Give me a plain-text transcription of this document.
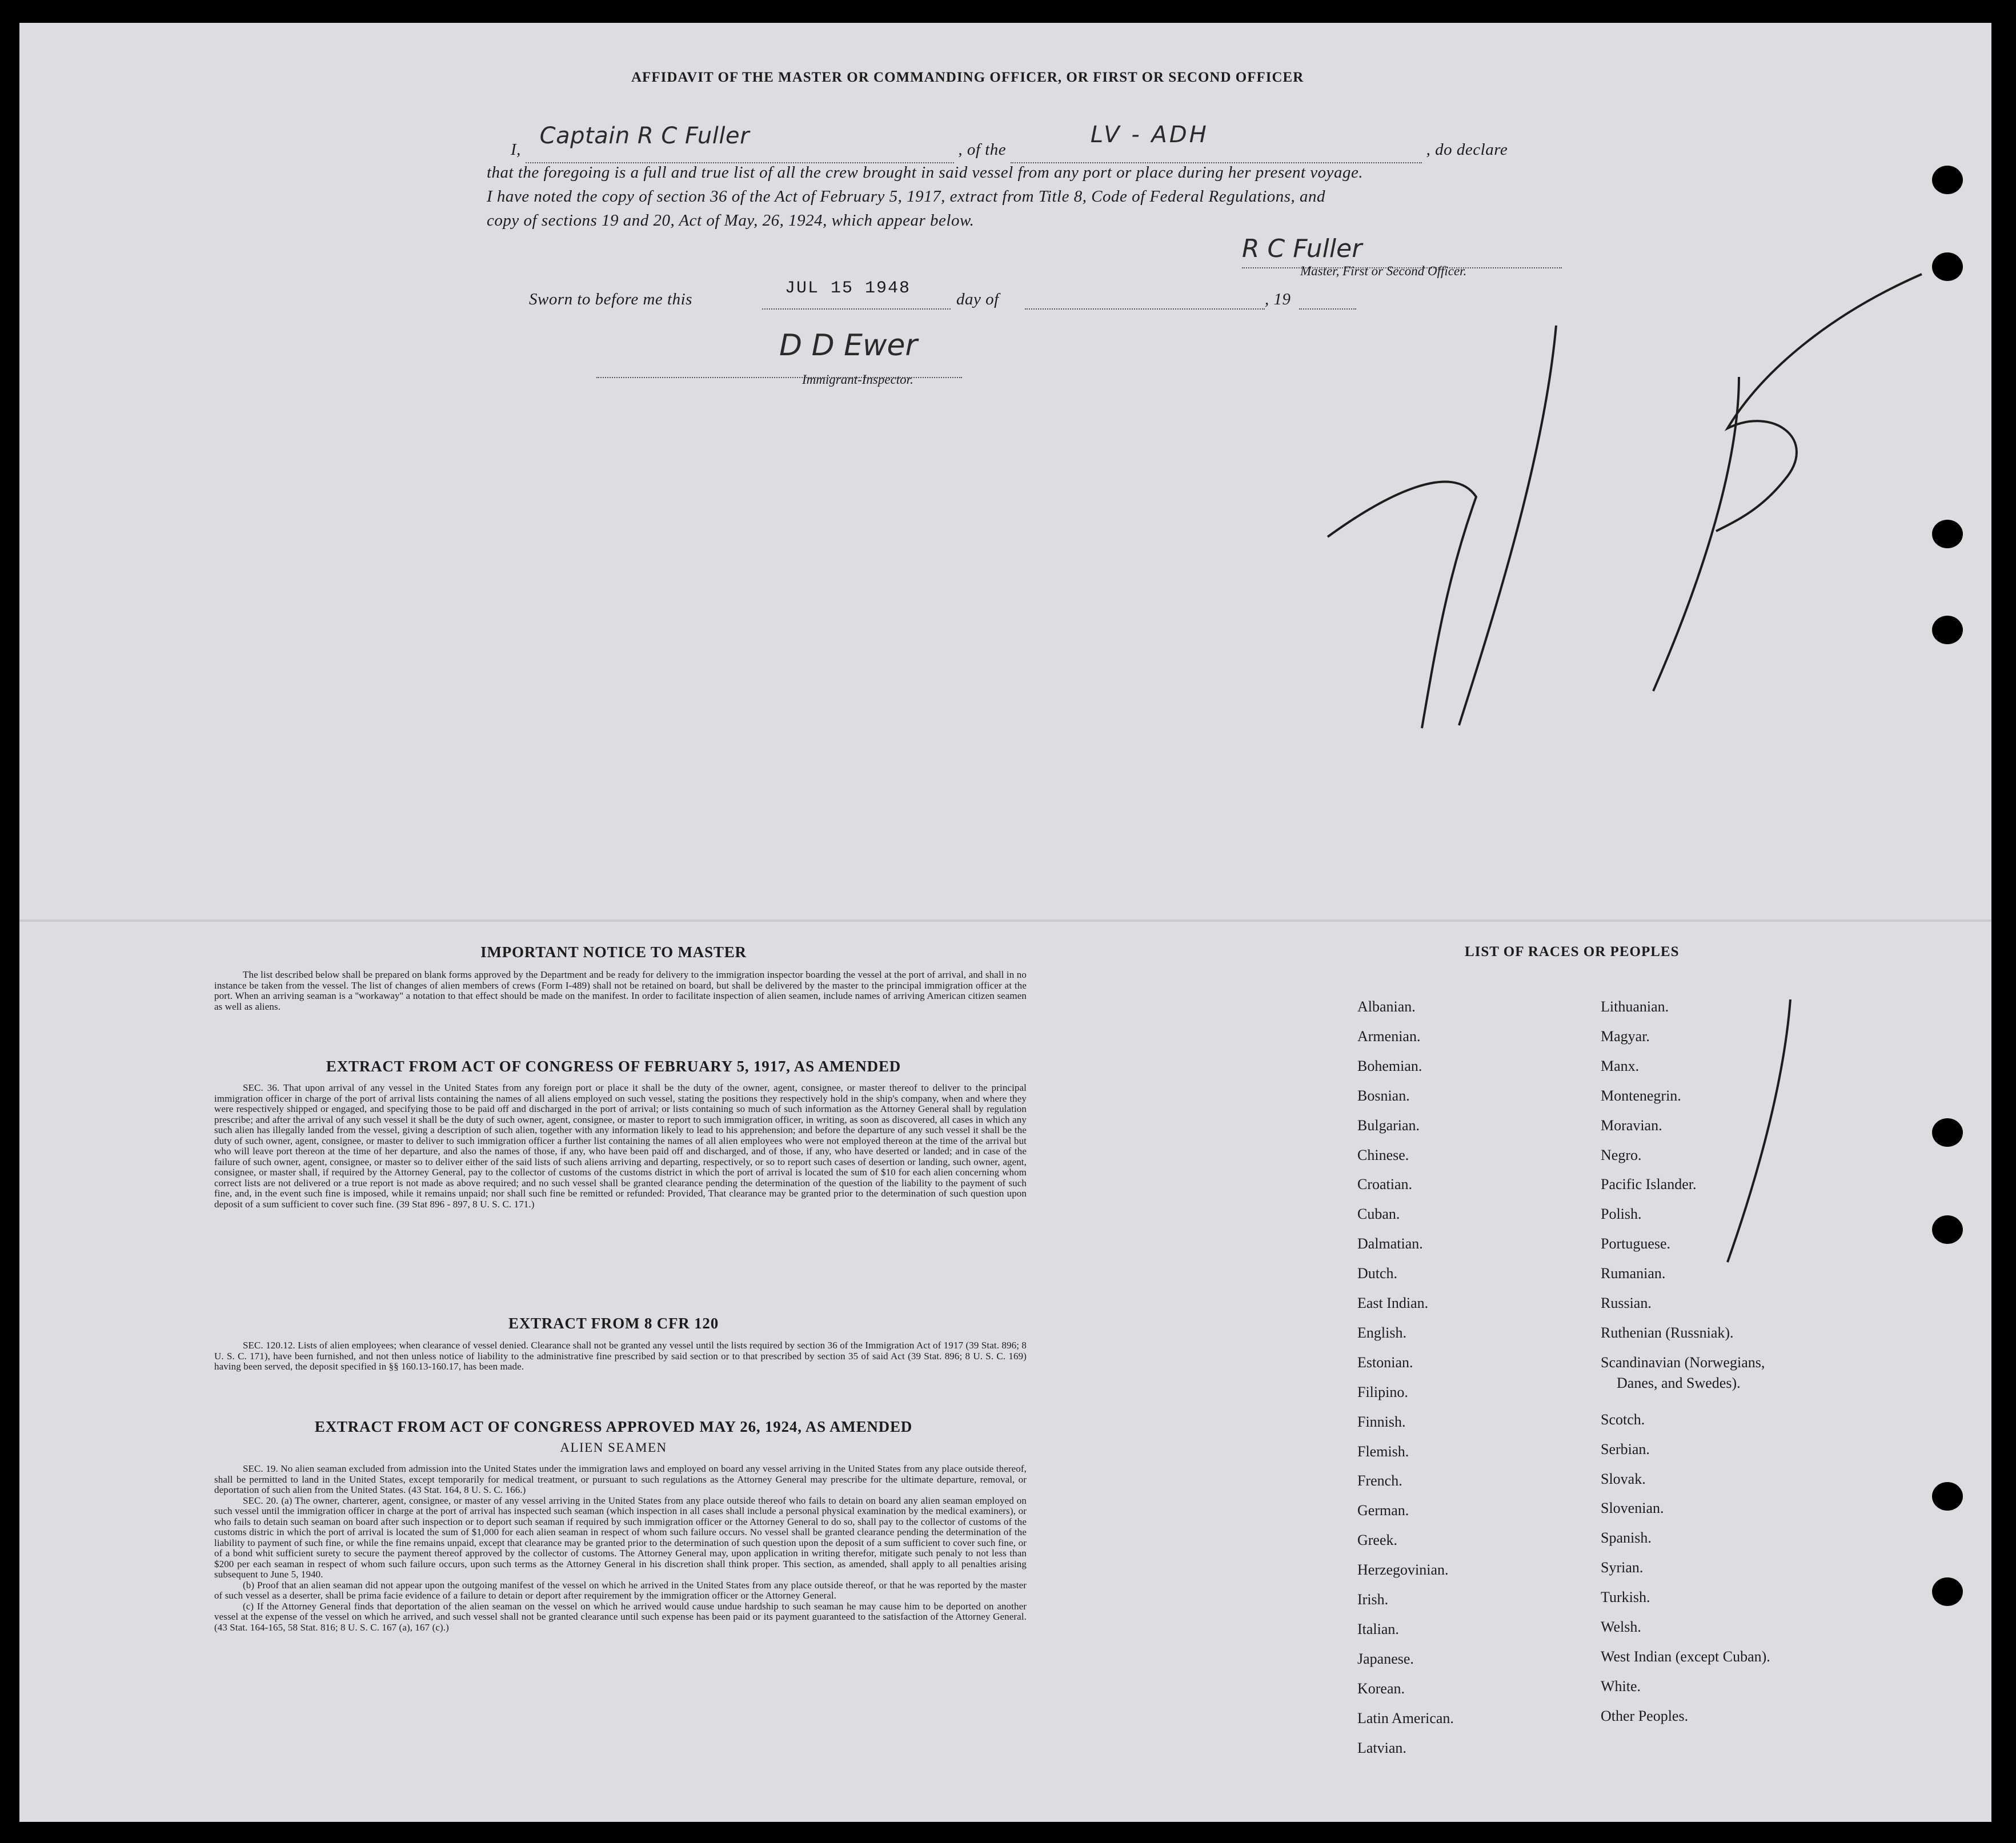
AFFIDAVIT OF THE MASTER OR COMMANDING OFFICER, OR FIRST OR SECOND OFFICER
I,
Captain R C Fuller
, of the
LV - ADH
, do declare
that the foregoing is a full and true list of all the crew brought in said vessel from any port or place during her present voyage.
I have noted the copy of section 36 of the Act of February 5, 1917, extract from Title 8, Code of Federal Regulations, and
copy of sections 19 and 20, Act of May, 26, 1924, which appear below.
R C Fuller
Master, First or Second Officer.
Sworn to before me this
JUL 15 1948
day of	, 19
D D Ewer
Immigrant-Inspector.
IMPORTANT NOTICE TO MASTER

The list described below shall be prepared on blank forms approved by the Department and be ready for delivery to the immigration inspector boarding the vessel at the port of arrival, and shall in no instance be taken from the vessel. The list of changes of alien members of crews (Form I-489) shall not be retained on board, but shall be delivered by the master to the principal immigration officer at the port. When an arriving seaman is a ''workaway'' a notation to that effect should be made on the manifest. In order to facilitate inspection of alien seamen, include names of arriving American citizen seamen as well as aliens.

EXTRACT FROM ACT OF CONGRESS OF FEBRUARY 5, 1917, AS AMENDED

SEC. 36. That upon arrival of any vessel in the United States from any foreign port or place it shall be the duty of the owner, agent, consignee, or master thereof to deliver to the principal immigration officer in charge of the port of arrival lists containing the names of all aliens employed on such vessel, stating the positions they respectively hold in the ship's company, when and where they were respectively shipped or engaged, and specifying those to be paid off and discharged in the port of arrival; or lists containing so much of such information as the Attorney General shall by regulation prescribe; and after the arrival of any such vessel it shall be the duty of such owner, agent, consignee, or master to report to such immigration officer, in writing, as soon as discovered, all cases in which any such alien has illegally landed from the vessel, giving a description of such alien, together with any information likely to lead to his apprehension; and before the departure of any such vessel it shall be the duty of such owner, agent, consignee, or master to deliver to such immigration officer a further list containing the names of all alien employees who were not employed thereon at the time of the arrival but who will leave port thereon at the time of her departure, and also the names of those, if any, who have been paid off and discharged, and of those, if any, who have deserted or landed; and in case of the failure of such owner, agent, consignee, or master so to deliver either of the said lists of such aliens arriving and departing, respectively, or so to report such cases of desertion or landing, such owner, agent, consignee, or master shall, if required by the Attorney General, pay to the collector of customs of the customs district in which the port of arrival is located the sum of $10 for each alien concerning whom correct lists are not delivered or a true report is not made as above required; and no such vessel shall be granted clearance pending the determination of the question of the liability to the payment of such fine, and, in the event such fine is imposed, while it remains unpaid; nor shall such fine be remitted or refunded: Provided, That clearance may be granted prior to the determination of such question upon deposit of a sum sufficient to cover such fine. (39 Stat 896 - 897, 8 U. S. C. 171.)

EXTRACT FROM 8 CFR 120

SEC. 120.12. Lists of alien employees; when clearance of vessel denied. Clearance shall not be granted any vessel until the lists required by section 36 of the Immigration Act of 1917 (39 Stat. 896; 8 U. S. C. 171), have been furnished, and not then unless notice of liability to the administrative fine prescribed by said section or to that prescribed by section 35 of said Act (39 Stat. 896; 8 U. S. C. 169) having been served, the deposit specified in §§ 160.13-160.17, has been made.

EXTRACT FROM ACT OF CONGRESS APPROVED MAY 26, 1924, AS AMENDED
ALIEN SEAMEN

SEC. 19. No alien seaman excluded from admission into the United States under the immigration laws and employed on board any vessel arriving in the United States from any place outside thereof, shall be permitted to land in the United States, except temporarily for medical treatment, or pursuant to such regulations as the Attorney General may prescribe for the ultimate departure, removal, or deportation of such alien from the United States. (43 Stat. 164, 8 U. S. C. 166.)

SEC. 20. (a) The owner, charterer, agent, consignee, or master of any vessel arriving in the United States from any place outside thereof who fails to detain on board any alien seaman employed on such vessel until the immigration officer in charge at the port of arrival has inspected such seaman (which inspection in all cases shall include a personal physical examination by the medical examiners), or who fails to detain such seaman on board after such inspection or to deport such seaman if required by such immigration officer or the Attorney General to do so, shall pay to the collector of customs of the customs distric in which the port of arrival is located the sum of $1,000 for each alien seaman in respect of whom such failure occurs. No vessel shall be granted clearance pending the determination of the liability to payment of such fine, or while the fine remains unpaid, except that clearance may be granted prior to the determination of such question upon the deposit of a sum sufficient to cover such fine, or of a bond whit sufficient surety to secure the payment thereof approved by the collector of customs. The Attorney General may, upon application in writing therefor, mitigate such penaly to not less than $200 per each seaman in respect of whom such failure occurs, upon such terms as the Attorney General in his discretion shall think proper. This section, as amended, shall apply to all penalties arising subsequent to June 5, 1940.

(b) Proof that an alien seaman did not appear upon the outgoing manifest of the vessel on which he arrived in the United States from any place outside thereof, or that he was reported by the master of such vessel as a deserter, shall be prima facie evidence of a failure to detain or deport after requirement by the immigration officer or the Attorney General.

(c) If the Attorney General finds that deportation of the alien seaman on the vessel on which he arrived would cause undue hardship to such seaman he may cause him to be deported on another vessel at the expense of the vessel on which he arrived, and such vessel shall not be granted clearance until such expense has been paid or its payment guaranteed to the satisfaction of the Attorney General. (43 Stat. 164-165, 58 Stat. 816; 8 U. S. C. 167 (a), 167 (c).)

LIST OF RACES OR PEOPLES
Albanian.
Armenian.
Bohemian.
Bosnian.
Bulgarian.
Chinese.
Croatian.
Cuban.
Dalmatian.
Dutch.
East Indian.
English.
Estonian.
Filipino.
Finnish.
Flemish.
French.
German.
Greek.
Herzegovinian.
Irish.
Italian.
Japanese.
Korean.
Latin American.
Latvian.
Lithuanian.
Magyar.
Manx.
Montenegrin.
Moravian.
Negro.
Pacific Islander.
Polish.
Portuguese.
Rumanian.
Russian.
Ruthenian (Russniak).
Scandinavian (Norwegians,
Danes, and Swedes).
Scotch.
Serbian.
Slovak.
Slovenian.
Spanish.
Syrian.
Turkish.
Welsh.
West Indian (except Cuban).
White.
Other Peoples.
